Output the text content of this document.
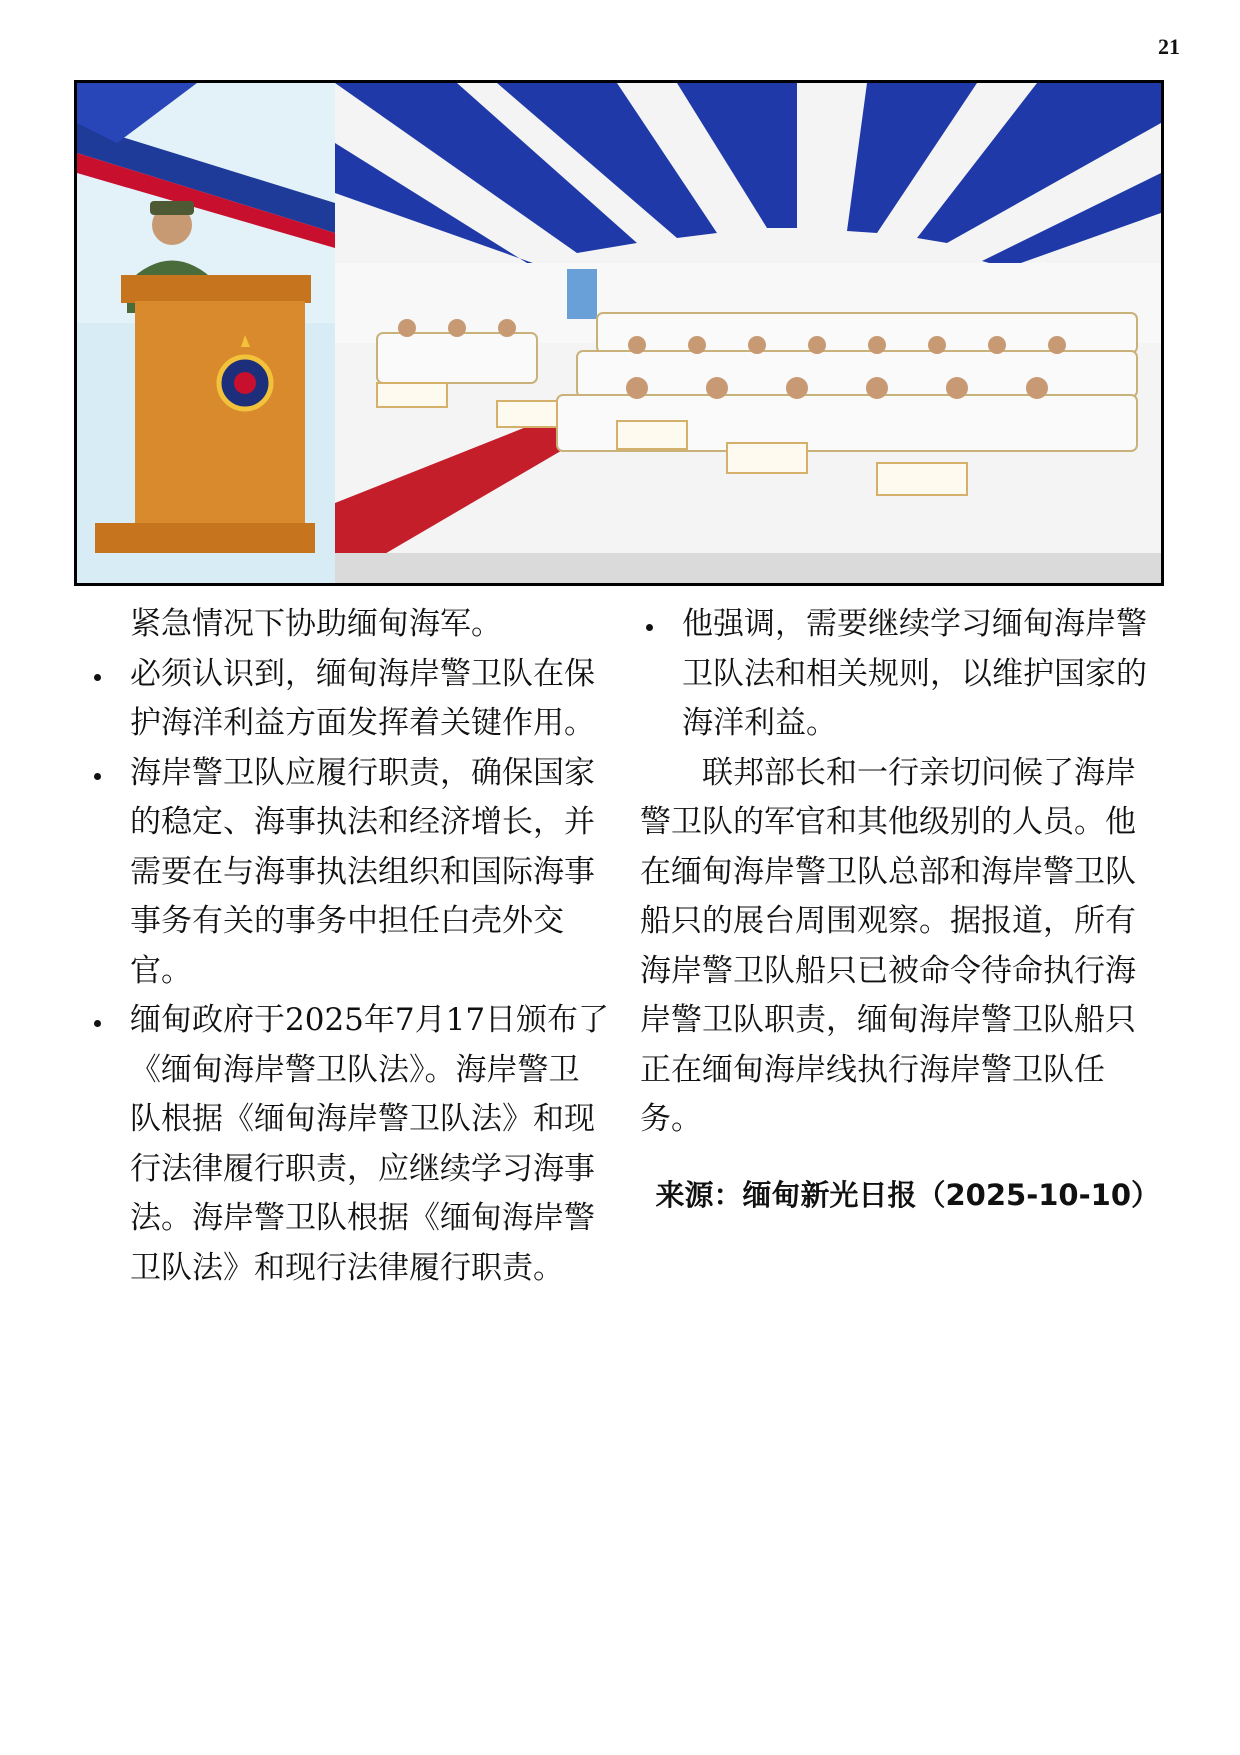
21

紧急情况下协助缅甸海军。

必须认识到，缅甸海岸警卫队在保护海洋利益方面发挥着关键作用。

海岸警卫队应履行职责，确保国家的稳定、海事执法和经济增长，并需要在与海事执法组织和国际海事事务有关的事务中担任白壳外交官。

缅甸政府于2025年7月17日颁布了《缅甸海岸警卫队法》。海岸警卫队根据《缅甸海岸警卫队法》和现行法律履行职责，应继续学习海事法。海岸警卫队根据《缅甸海岸警卫队法》和现行法律履行职责。

他强调，需要继续学习缅甸海岸警卫队法和相关规则，以维护国家的海洋利益。

联邦部长和一行亲切问候了海岸警卫队的军官和其他级别的人员。他在缅甸海岸警卫队总部和海岸警卫队船只的展台周围观察。据报道，所有海岸警卫队船只已被命令待命执行海岸警卫队职责，缅甸海岸警卫队船只正在缅甸海岸线执行海岸警卫队任务。

来源：缅甸新光日报（2025-10-10）
